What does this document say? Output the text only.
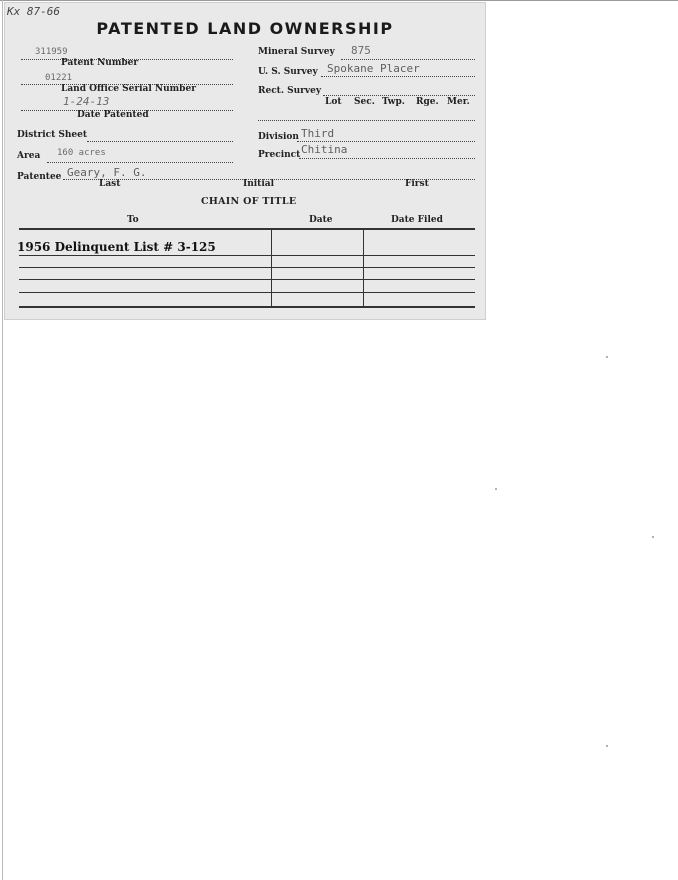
Kx 87-66
PATENTED LAND OWNERSHIP
311959
Patent Number
01221
Land Office Serial Number
1-24-13
Date Patented
District Sheet
Area 160 acres
Mineral Survey 875
U. S. Survey Spokane Placer
Rect. Survey
Lot Sec. Twp. Rge. Mer.
Division Third
Precinct Chitina
Patentee Geary, F. G.
Last	Initial	First
CHAIN OF TITLE
To	Date	Date Filed
1956 Delinquent List # 3-125
